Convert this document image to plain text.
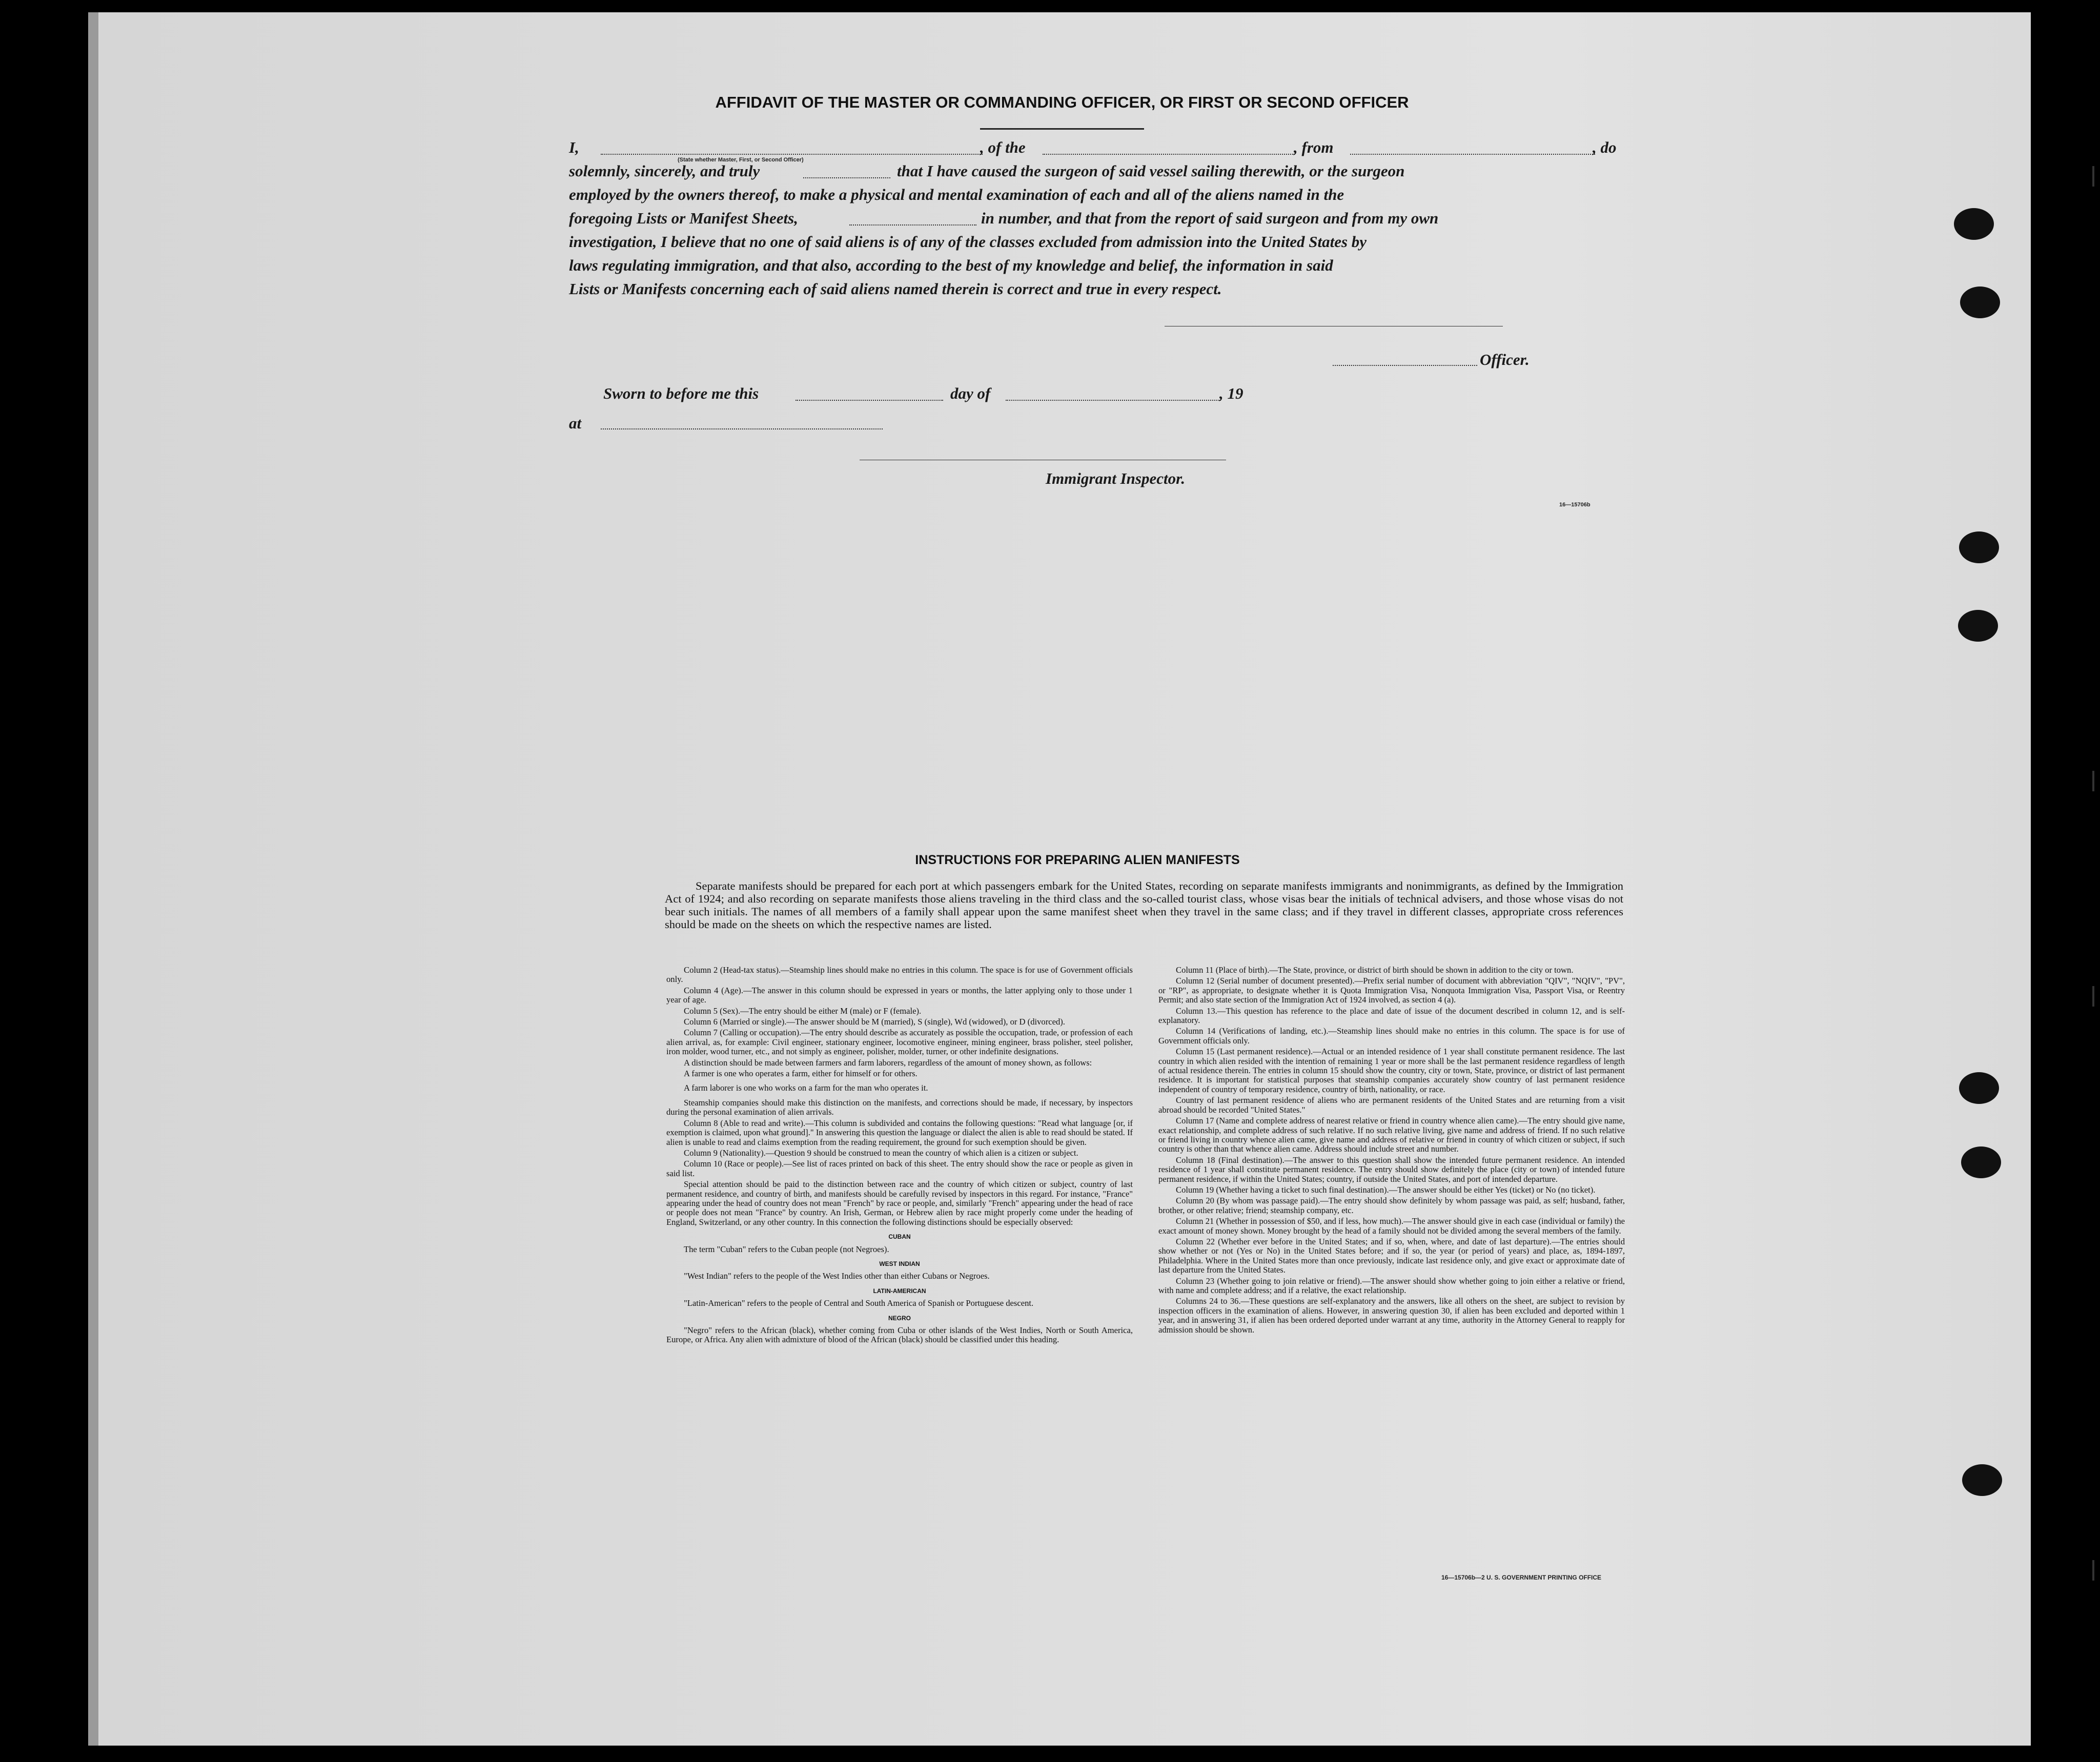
AFFIDAVIT OF THE MASTER OR COMMANDING OFFICER, OR FIRST OR SECOND OFFICER
I,
(State whether Master, First, or Second Officer)
, of the	, from	, do
solemnly, sincerely, and truly	that I have caused the surgeon of said vessel sailing therewith, or the surgeon
employed by the owners thereof, to make a physical and mental examination of each and all of the aliens named in the
foregoing Lists or Manifest Sheets,	in number, and that from the report of said surgeon and from my own
investigation, I believe that no one of said aliens is of any of the classes excluded from admission into the United States by
laws regulating immigration, and that also, according to the best of my knowledge and belief, the information in said
Lists or Manifests concerning each of said aliens named therein is correct and true in every respect.
Officer.
Sworn to before me this	day of	, 19
at
Immigrant Inspector.
16—15706b
INSTRUCTIONS FOR PREPARING ALIEN MANIFESTS
Separate manifests should be prepared for each port at which passengers embark for the United States, recording on separate manifests immigrants and nonimmigrants, as defined by the Immigration Act of 1924; and also recording on separate manifests those aliens traveling in the third class and the so-called tourist class, whose visas bear the initials of technical advisers, and those whose visas do not bear such initials. The names of all members of a family shall appear upon the same manifest sheet when they travel in the same class; and if they travel in different classes, appropriate cross references should be made on the sheets on which the respective names are listed.

Column 2 (Head-tax status).—Steamship lines should make no entries in this column. The space is for use of Government officials only.

Column 4 (Age).—The answer in this column should be expressed in years or months, the latter applying only to those under 1 year of age.

Column 5 (Sex).—The entry should be either M (male) or F (female).

Column 6 (Married or single).—The answer should be M (married), S (single), Wd (widowed), or D (divorced).

Column 7 (Calling or occupation).—The entry should describe as accurately as possible the occupation, trade, or profession of each alien arrival, as, for example: Civil engineer, stationary engineer, locomotive engineer, mining engineer, brass polisher, steel polisher, iron molder, wood turner, etc., and not simply as engineer, polisher, molder, turner, or other indefinite designations.

A distinction should be made between farmers and farm laborers, regardless of the amount of money shown, as follows:

A farmer is one who operates a farm, either for himself or for others.

A farm laborer is one who works on a farm for the man who operates it.

Steamship companies should make this distinction on the manifests, and corrections should be made, if necessary, by inspectors during the personal examination of alien arrivals.

Column 8 (Able to read and write).—This column is subdivided and contains the following questions: "Read what language [or, if exemption is claimed, upon what ground]." In answering this question the language or dialect the alien is able to read should be stated. If alien is unable to read and claims exemption from the reading requirement, the ground for such exemption should be given.

Column 9 (Nationality).—Question 9 should be construed to mean the country of which alien is a citizen or subject.

Column 10 (Race or people).—See list of races printed on back of this sheet. The entry should show the race or people as given in said list.

Special attention should be paid to the distinction between race and the country of which citizen or subject, country of last permanent residence, and country of birth, and manifests should be carefully revised by inspectors in this regard. For instance, "France" appearing under the head of country does not mean "French" by race or people, and, similarly "French" appearing under the head of race or people does not mean "France" by country. An Irish, German, or Hebrew alien by race might properly come under the heading of England, Switzerland, or any other country. In this connection the following distinctions should be especially observed:

CUBAN

The term "Cuban" refers to the Cuban people (not Negroes).

WEST INDIAN

"West Indian" refers to the people of the West Indies other than either Cubans or Negroes.

LATIN-AMERICAN

"Latin-American" refers to the people of Central and South America of Spanish or Portuguese descent.

NEGRO

"Negro" refers to the African (black), whether coming from Cuba or other islands of the West Indies, North or South America, Europe, or Africa. Any alien with admixture of blood of the African (black) should be classified under this heading.

Column 11 (Place of birth).—The State, province, or district of birth should be shown in addition to the city or town.

Column 12 (Serial number of document presented).—Prefix serial number of document with abbreviation "QIV", "NQIV", "PV", or "RP", as appropriate, to designate whether it is Quota Immigration Visa, Nonquota Immigration Visa, Passport Visa, or Reentry Permit; and also state section of the Immigration Act of 1924 involved, as section 4 (a).

Column 13.—This question has reference to the place and date of issue of the document described in column 12, and is self-explanatory.

Column 14 (Verifications of landing, etc.).—Steamship lines should make no entries in this column. The space is for use of Government officials only.

Column 15 (Last permanent residence).—Actual or an intended residence of 1 year shall constitute permanent residence. The last country in which alien resided with the intention of remaining 1 year or more shall be the last permanent residence regardless of length of actual residence therein. The entries in column 15 should show the country, city or town, State, province, or district of last permanent residence. It is important for statistical purposes that steamship companies accurately show country of last permanent residence independent of country of temporary residence, country of birth, nationality, or race.

Country of last permanent residence of aliens who are permanent residents of the United States and are returning from a visit abroad should be recorded "United States."

Column 17 (Name and complete address of nearest relative or friend in country whence alien came).—The entry should give name, exact relationship, and complete address of such relative. If no such relative living, give name and address of friend. If no such relative or friend living in country whence alien came, give name and address of relative or friend in country of which citizen or subject, if such country is other than that whence alien came. Address should include street and number.

Column 18 (Final destination).—The answer to this question shall show the intended future permanent residence. An intended residence of 1 year shall constitute permanent residence. The entry should show definitely the place (city or town) of intended future permanent residence, if within the United States; country, if outside the United States, and port of intended departure.

Column 19 (Whether having a ticket to such final destination).—The answer should be either Yes (ticket) or No (no ticket).

Column 20 (By whom was passage paid).—The entry should show definitely by whom passage was paid, as self; husband, father, brother, or other relative; friend; steamship company, etc.

Column 21 (Whether in possession of $50, and if less, how much).—The answer should give in each case (individual or family) the exact amount of money shown. Money brought by the head of a family should not be divided among the several members of the family.

Column 22 (Whether ever before in the United States; and if so, when, where, and date of last departure).—The entries should show whether or not (Yes or No) in the United States before; and if so, the year (or period of years) and place, as, 1894-1897, Philadelphia. Where in the United States more than once previously, indicate last residence only, and give exact or approximate date of last departure from the United States.

Column 23 (Whether going to join relative or friend).—The answer should show whether going to join either a relative or friend, with name and complete address; and if a relative, the exact relationship.

Columns 24 to 36.—These questions are self-explanatory and the answers, like all others on the sheet, are subject to revision by inspection officers in the examination of aliens. However, in answering question 30, if alien has been excluded and deported within 1 year, and in answering 31, if alien has been ordered deported under warrant at any time, authority in the Attorney General to reapply for admission should be shown.

16—15706b—2 U. S. GOVERNMENT PRINTING OFFICE
